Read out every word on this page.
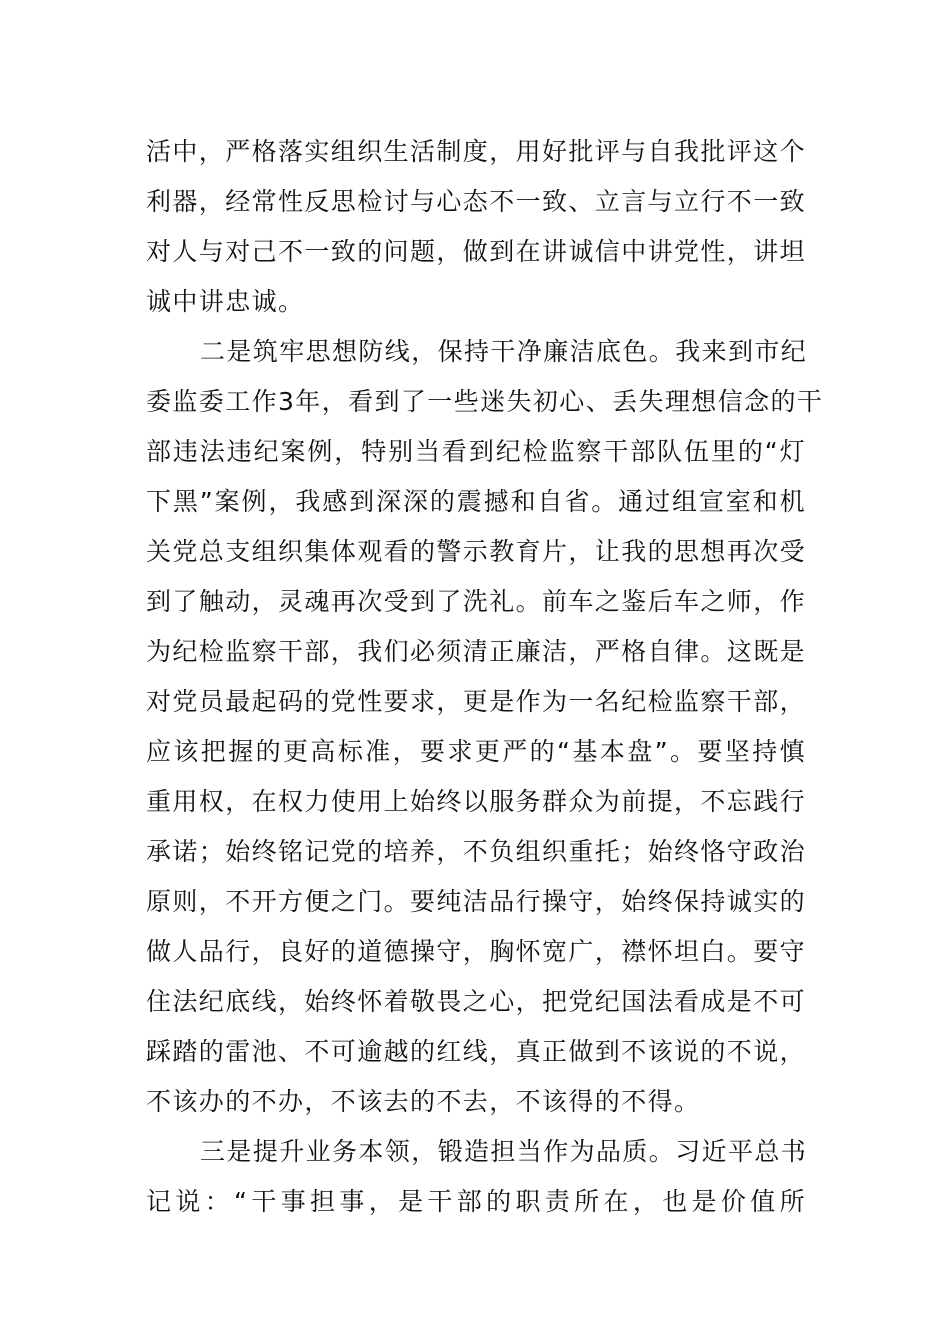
活中，严格落实组织生活制度，用好批评与自我批评这个
利器，经常性反思检讨与心态不一致、立言与立行不一致
对人与对己不一致的问题，做到在讲诚信中讲党性，讲坦
诚中讲忠诚。
二是筑牢思想防线，保持干净廉洁底色。我来到市纪
委监委工作3年，看到了一些迷失初心、丢失理想信念的干
部违法违纪案例，特别当看到纪检监察干部队伍里的“灯
下黑”案例，我感到深深的震撼和自省。通过组宣室和机
关党总支组织集体观看的警示教育片，让我的思想再次受
到了触动，灵魂再次受到了洗礼。前车之鉴后车之师，作
为纪检监察干部，我们必须清正廉洁，严格自律。这既是
对党员最起码的党性要求，更是作为一名纪检监察干部，
应该把握的更高标准，要求更严的“基本盘”。要坚持慎
重用权，在权力使用上始终以服务群众为前提，不忘践行
承诺；始终铭记党的培养，不负组织重托；始终恪守政治
原则，不开方便之门。要纯洁品行操守，始终保持诚实的
做人品行，良好的道德操守，胸怀宽广，襟怀坦白。要守
住法纪底线，始终怀着敬畏之心，把党纪国法看成是不可
踩踏的雷池、不可逾越的红线，真正做到不该说的不说，
不该办的不办，不该去的不去，不该得的不得。
三是提升业务本领，锻造担当作为品质。习近平总书
记说：“干事担事，是干部的职责所在，也是价值所
